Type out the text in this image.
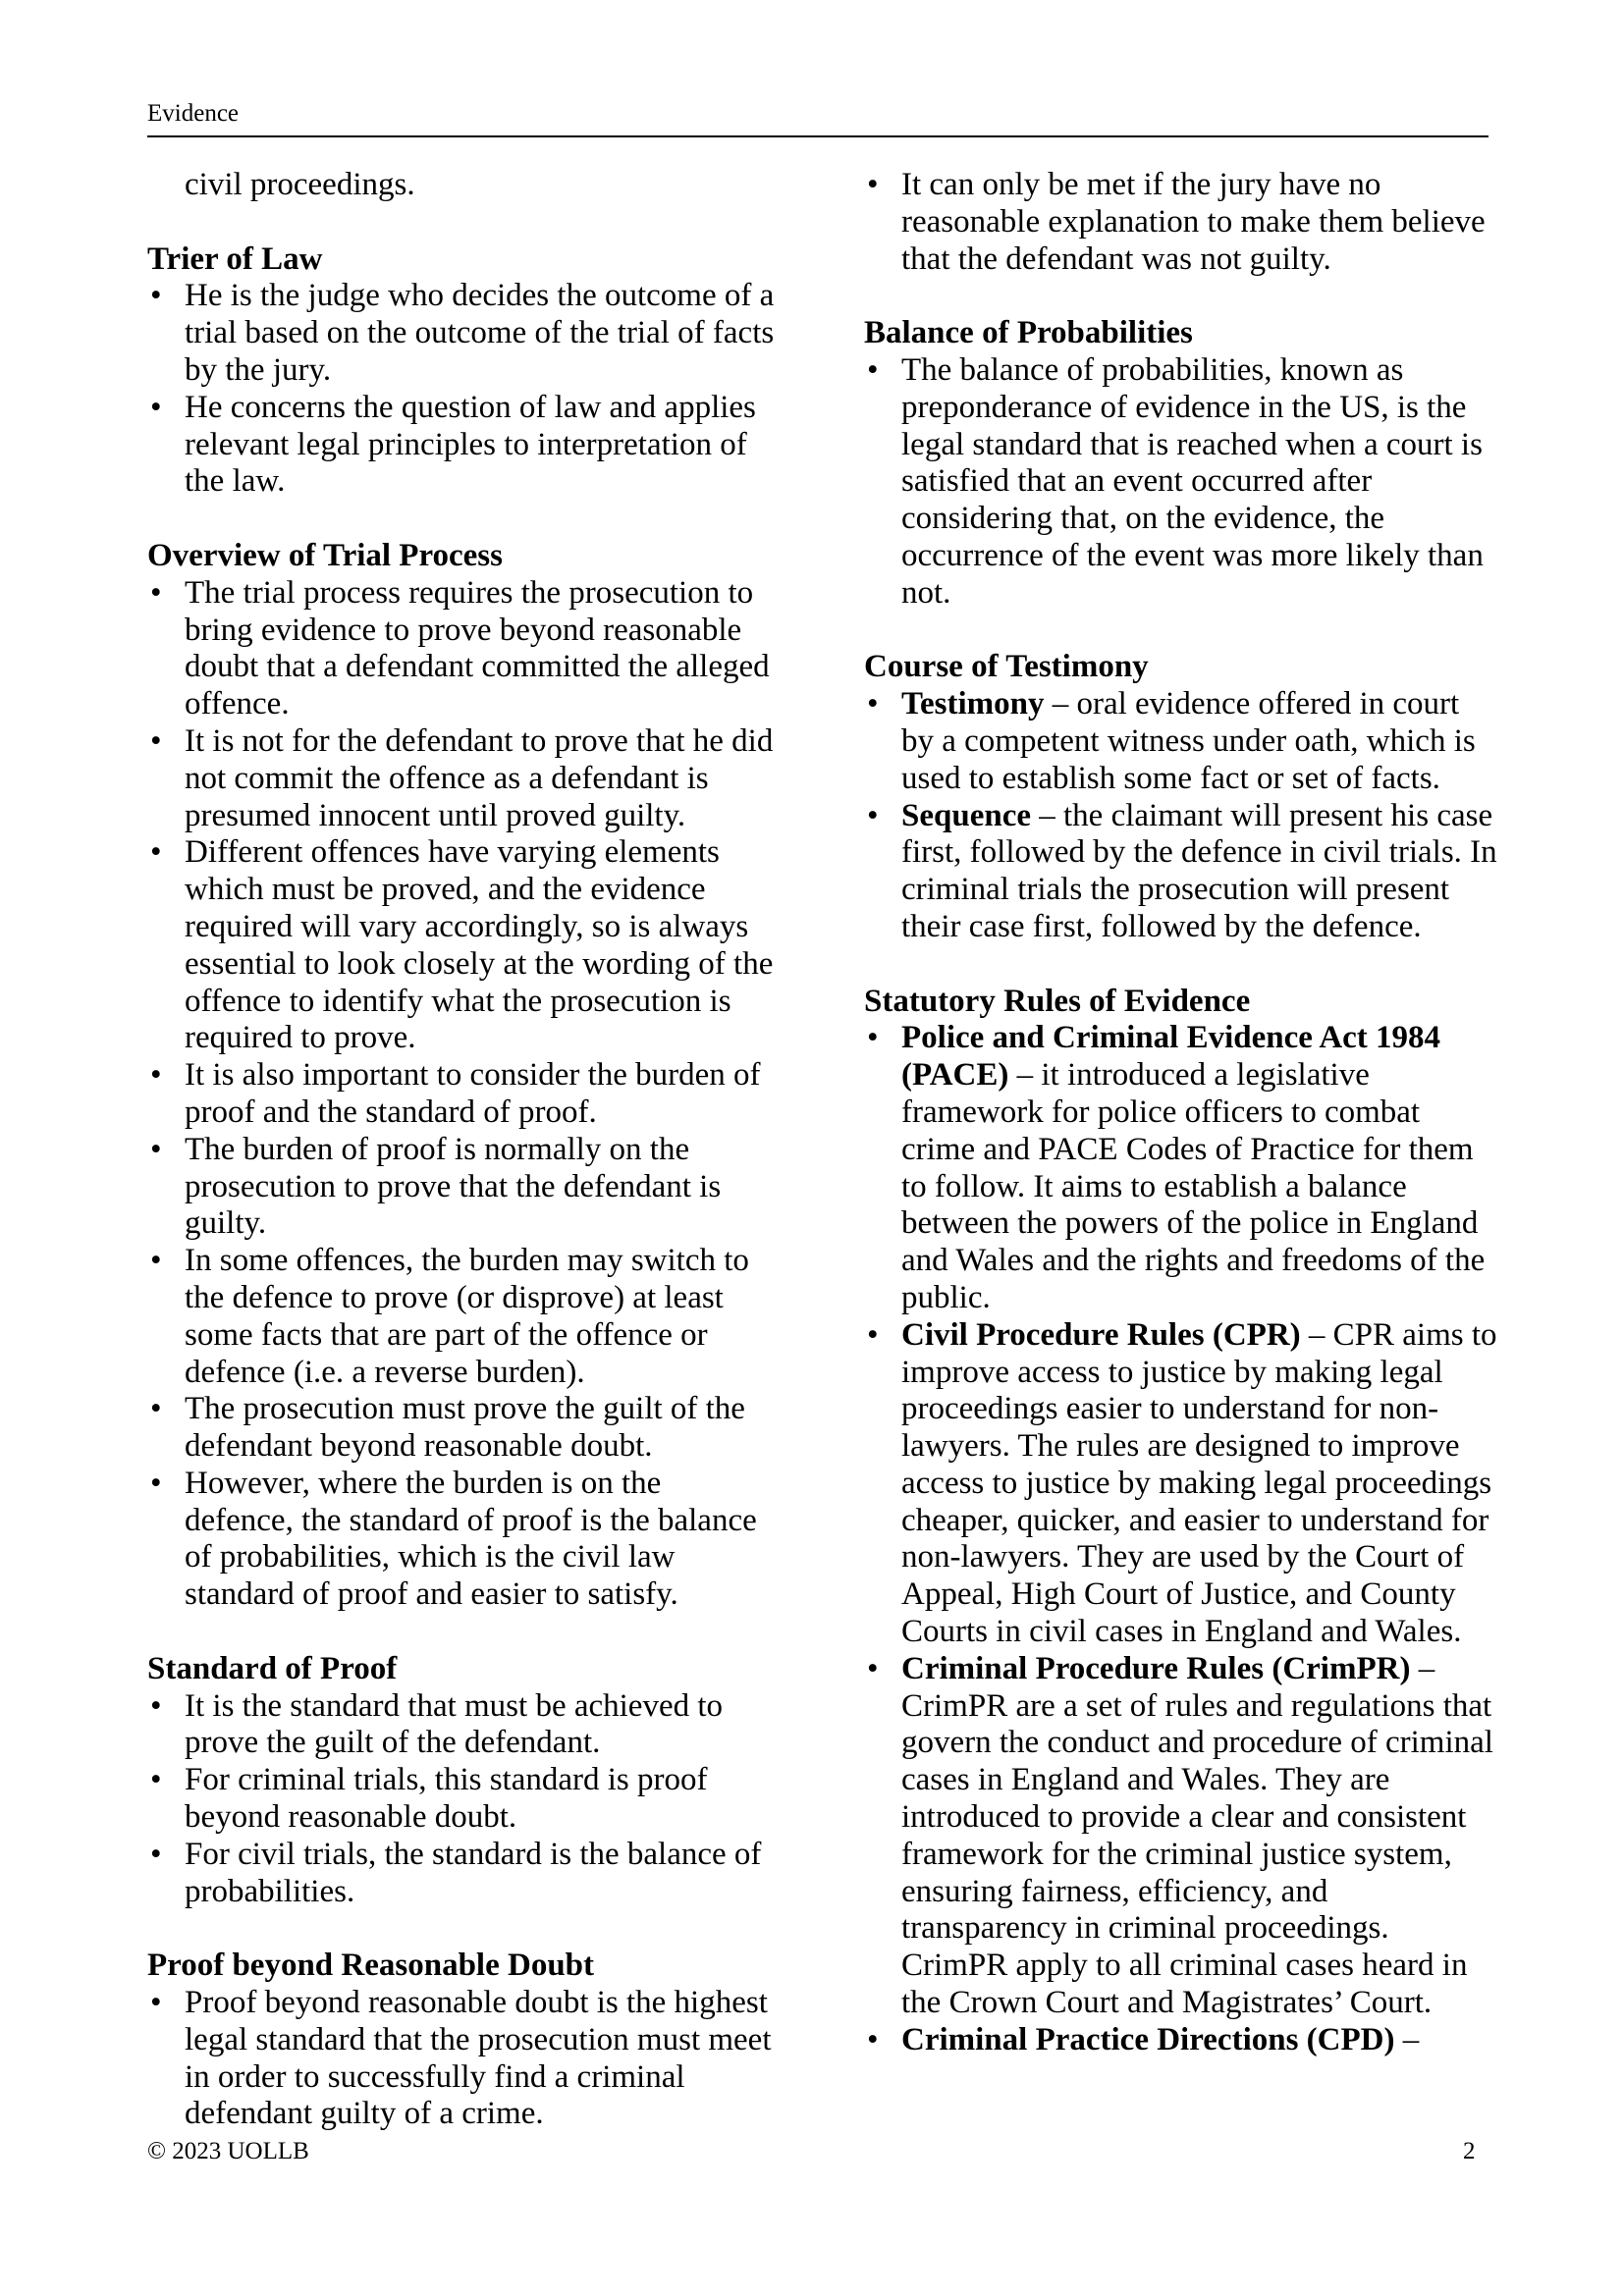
Evidence

civil proceedings.

Trier of Law

• He is the judge who decides the outcome of a trial based on the outcome of the trial of facts by the jury.
• He concerns the question of law and applies relevant legal principles to interpretation of the law.

Overview of Trial Process

• The trial process requires the prosecution to bring evidence to prove beyond reasonable doubt that a defendant committed the alleged offence.
• It is not for the defendant to prove that he did not commit the offence as a defendant is presumed innocent until proved guilty.
• Different offences have varying elements which must be proved, and the evidence required will vary accordingly, so is always essential to look closely at the wording of the offence to identify what the prosecution is required to prove.
• It is also important to consider the burden of proof and the standard of proof.
• The burden of proof is normally on the prosecution to prove that the defendant is guilty.
• In some offences, the burden may switch to the defence to prove (or disprove) at least some facts that are part of the offence or defence (i.e. a reverse burden).
• The prosecution must prove the guilt of the defendant beyond reasonable doubt.
• However, where the burden is on the defence, the standard of proof is the balance of probabilities, which is the civil law standard of proof and easier to satisfy.

Standard of Proof

• It is the standard that must be achieved to prove the guilt of the defendant.
• For criminal trials, this standard is proof beyond reasonable doubt.
• For civil trials, the standard is the balance of probabilities.

Proof beyond Reasonable Doubt

• Proof beyond reasonable doubt is the highest legal standard that the prosecution must meet in order to successfully find a criminal defendant guilty of a crime.
• It can only be met if the jury have no reasonable explanation to make them believe that the defendant was not guilty.

Balance of Probabilities

• The balance of probabilities, known as preponderance of evidence in the US, is the legal standard that is reached when a court is satisfied that an event occurred after considering that, on the evidence, the occurrence of the event was more likely than not.

Course of Testimony

• Testimony – oral evidence offered in court by a competent witness under oath, which is used to establish some fact or set of facts.
• Sequence – the claimant will present his case first, followed by the defence in civil trials. In criminal trials the prosecution will present their case first, followed by the defence.

Statutory Rules of Evidence

• Police and Criminal Evidence Act 1984 (PACE) – it introduced a legislative framework for police officers to combat crime and PACE Codes of Practice for them to follow. It aims to establish a balance between the powers of the police in England and Wales and the rights and freedoms of the public.
• Civil Procedure Rules (CPR) – CPR aims to improve access to justice by making legal proceedings easier to understand for non-lawyers. The rules are designed to improve access to justice by making legal proceedings cheaper, quicker, and easier to understand for non-lawyers. They are used by the Court of Appeal, High Court of Justice, and County Courts in civil cases in England and Wales.
• Criminal Procedure Rules (CrimPR) – CrimPR are a set of rules and regulations that govern the conduct and procedure of criminal cases in England and Wales. They are introduced to provide a clear and consistent framework for the criminal justice system, ensuring fairness, efficiency, and transparency in criminal proceedings. CrimPR apply to all criminal cases heard in the Crown Court and Magistrates’ Court.
• Criminal Practice Directions (CPD) –
© 2023 UOLLB	2
